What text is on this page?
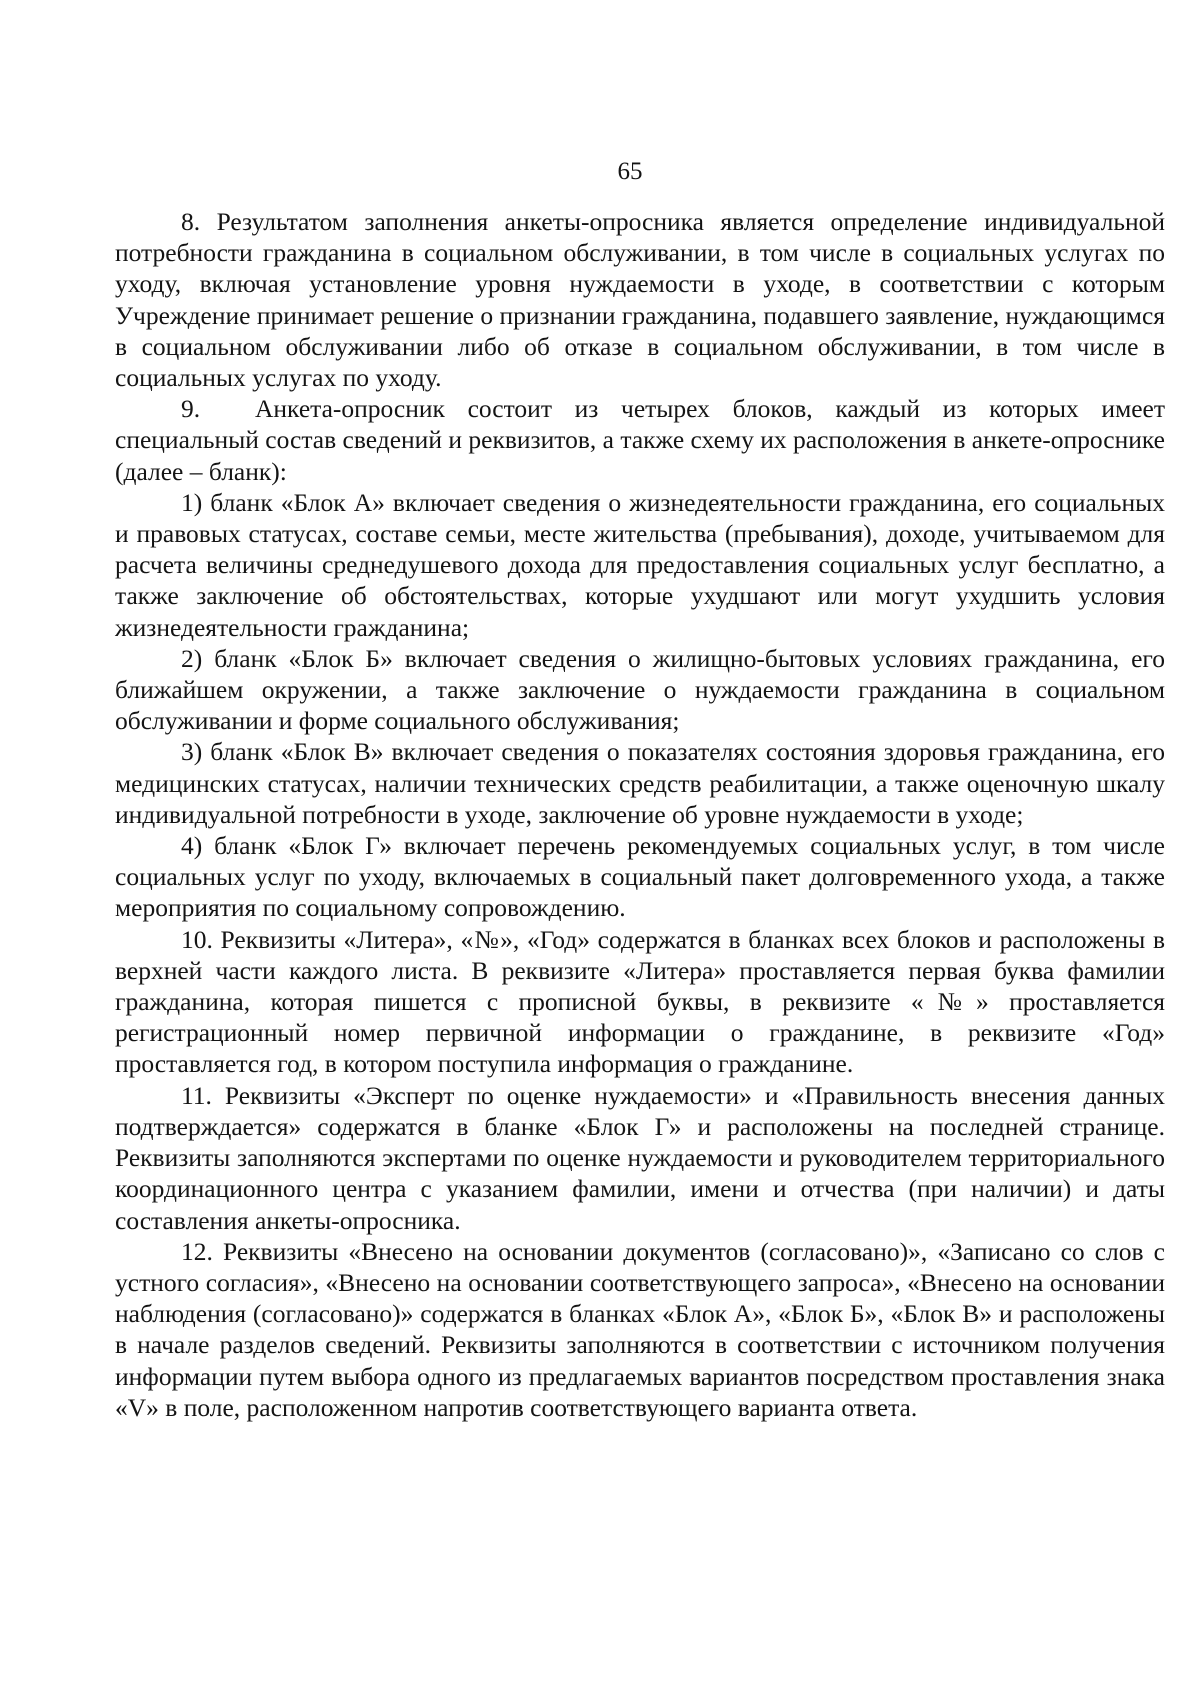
65

8. Результатом заполнения анкеты-опросника является определение индивидуальной потребности гражданина в социальном обслуживании, в том числе в социальных услугах по уходу, включая установление уровня нуждаемости в уходе, в соответствии с которым Учреждение принимает решение о признании гражданина, подавшего заявление, нуждающимся в социальном обслуживании либо об отказе в социальном обслуживании, в том числе в социальных услугах по уходу.

9. Анкета-опросник состоит из четырех блоков, каждый из которых имеет специальный состав сведений и реквизитов, а также схему их расположения в анкете-опроснике (далее – бланк):

1) бланк «Блок А» включает сведения о жизнедеятельности гражданина, его социальных и правовых статусах, составе семьи, месте жительства (пребывания), доходе, учитываемом для расчета величины среднедушевого дохода для предоставления социальных услуг бесплатно, а также заключение об обстоятельствах, которые ухудшают или могут ухудшить условия жизнедеятельности гражданина;

2) бланк «Блок Б» включает сведения о жилищно-бытовых условиях гражданина, его ближайшем окружении, а также заключение о нуждаемости гражданина в социальном обслуживании и форме социального обслуживания;

3) бланк «Блок В» включает сведения о показателях состояния здоровья гражданина, его медицинских статусах, наличии технических средств реабилитации, а также оценочную шкалу индивидуальной потребности в уходе, заключение об уровне нуждаемости в уходе;

4) бланк «Блок Г» включает перечень рекомендуемых социальных услуг, в том числе социальных услуг по уходу, включаемых в социальный пакет долговременного ухода, а также мероприятия по социальному сопровождению.

10. Реквизиты «Литера», «№», «Год» содержатся в бланках всех блоков и расположены в верхней части каждого листа. В реквизите «Литера» проставляется первая буква фамилии гражданина, которая пишется с прописной буквы, в реквизите «№» проставляется регистрационный номер первичной информации о гражданине, в реквизите «Год» проставляется год, в котором поступила информация о гражданине.

11. Реквизиты «Эксперт по оценке нуждаемости» и «Правильность внесения данных подтверждается» содержатся в бланке «Блок Г» и расположены на последней странице. Реквизиты заполняются экспертами по оценке нуждаемости и руководителем территориального координационного центра с указанием фамилии, имени и отчества (при наличии) и даты составления анкеты-опросника.

12. Реквизиты «Внесено на основании документов (согласовано)», «Записано со слов с устного согласия», «Внесено на основании соответствующего запроса», «Внесено на основании наблюдения (согласовано)» содержатся в бланках «Блок А», «Блок Б», «Блок В» и расположены в начале разделов сведений. Реквизиты заполняются в соответствии с источником получения информации путем выбора одного из предлагаемых вариантов посредством проставления знака «V» в поле, расположенном напротив соответствующего варианта ответа.
